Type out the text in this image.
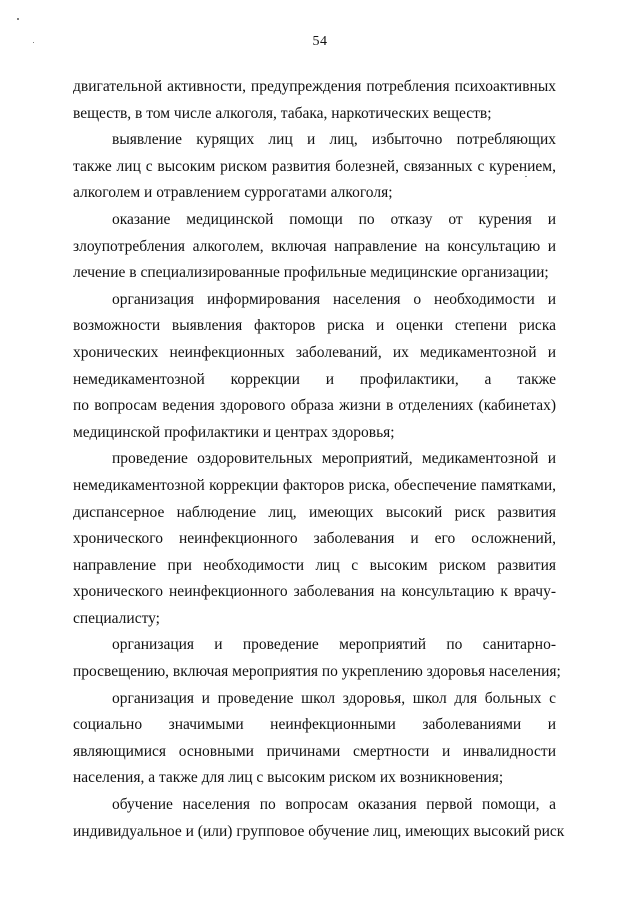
54
двигательной активности, предупреждения потребления психоактивных
веществ, в том числе алкоголя, табака, наркотических веществ;
выявление курящих лиц и лиц, избыточно потребляющих
также лиц с высоким риском развития болезней, связанных с курением,
алкоголем и отравлением суррогатами алкоголя;
оказание медицинской помощи по отказу от курения и
злоупотребления алкоголем, включая направление на консультацию и
лечение в специализированные профильные медицинские организации;
организация информирования населения о необходимости и
возможности выявления факторов риска и оценки степени риска
хронических неинфекционных заболеваний, их медикаментозной и
немедикаментозной коррекции и профилактики, а также
по вопросам ведения здорового образа жизни в отделениях (кабинетах)
медицинской профилактики и центрах здоровья;
проведение оздоровительных мероприятий, медикаментозной и
немедикаментозной коррекции факторов риска, обеспечение памятками,
диспансерное наблюдение лиц, имеющих высокий риск развития
хронического неинфекционного заболевания и его осложнений,
направление при необходимости лиц с высоким риском развития
хронического неинфекционного заболевания на консультацию к врачу-
специалисту;
организация и проведение мероприятий по санитарно-
просвещению, включая мероприятия по укреплению здоровья населения;
организация и проведение школ здоровья, школ для больных с
социально значимыми неинфекционными заболеваниями и
являющимися основными причинами смертности и инвалидности
населения, а также для лиц с высоким риском их возникновения;
обучение населения по вопросам оказания первой помощи, а
индивидуальное и (или) групповое обучение лиц, имеющих высокий риск
